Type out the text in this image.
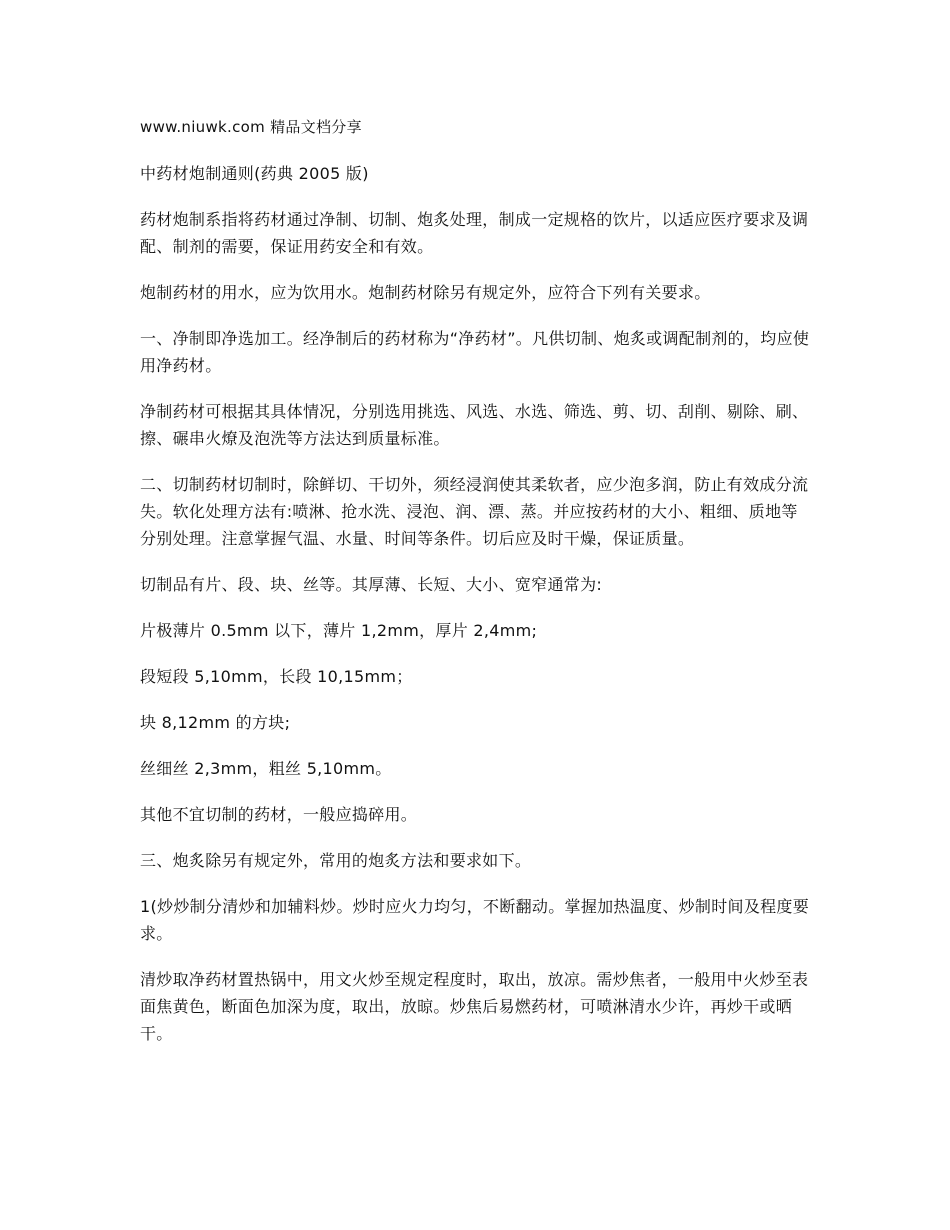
www.niuwk.com 精品文档分享
中药材炮制通则(药典 2005 版)
药材炮制系指将药材通过净制、切制、炮炙处理，制成一定规格的饮片，以适应医疗要求及调配、制剂的需要，保证用药安全和有效。
炮制药材的用水，应为饮用水。炮制药材除另有规定外，应符合下列有关要求。
一、净制即净选加工。经净制后的药材称为“净药材”。凡供切制、炮炙或调配制剂的，均应使用净药材。
净制药材可根据其具体情况，分别选用挑选、风选、水选、筛选、剪、切、刮削、剔除、刷、擦、碾串火燎及泡洗等方法达到质量标准。
二、切制药材切制时，除鲜切、干切外，须经浸润使其柔软者，应少泡多润，防止有效成分流失。软化处理方法有:喷淋、抢水洗、浸泡、润、漂、蒸。并应按药材的大小、粗细、质地等分别处理。注意掌握气温、水量、时间等条件。切后应及时干燥，保证质量。
切制品有片、段、块、丝等。其厚薄、长短、大小、宽窄通常为:
片极薄片 0.5mm 以下，薄片 1,2mm，厚片 2,4mm;
段短段 5,10mm，长段 10,15mm；
块 8,12mm 的方块;
丝细丝 2,3mm，粗丝 5,10mm。
其他不宜切制的药材，一般应捣碎用。
三、炮炙除另有规定外，常用的炮炙方法和要求如下。
1(炒炒制分清炒和加辅料炒。炒时应火力均匀，不断翻动。掌握加热温度、炒制时间及程度要求。
清炒取净药材置热锅中，用文火炒至规定程度时，取出，放凉。需炒焦者，一般用中火炒至表面焦黄色，断面色加深为度，取出，放晾。炒焦后易燃药材，可喷淋清水少许，再炒干或晒干。
